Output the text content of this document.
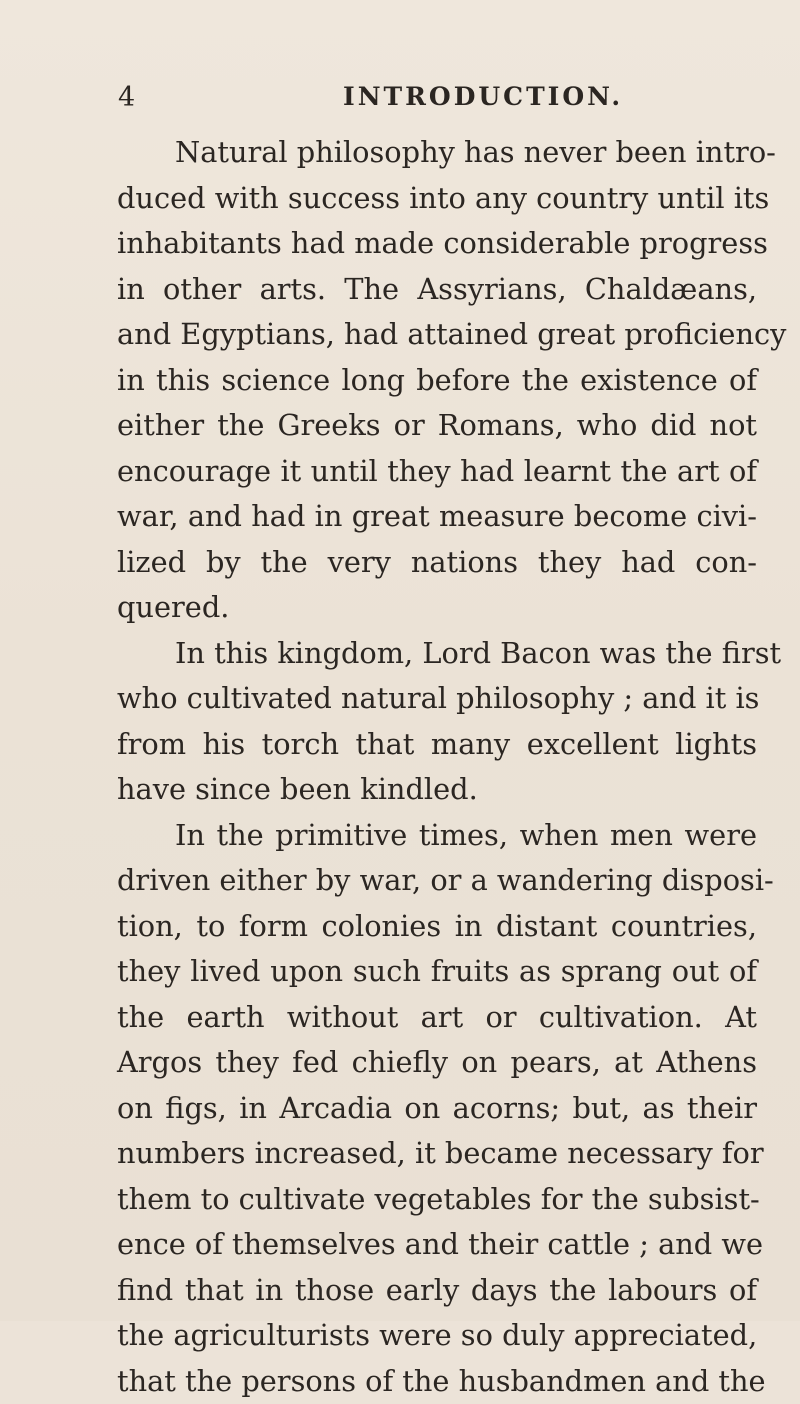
4	INTRODUCTION.
Natural philosophy has never been intro-
duced with success into any country until its
inhabitants had made considerable progress
in other arts. The Assyrians, Chaldæans,
and Egyptians, had attained great proficiency
in this science long before the existence of
either the Greeks or Romans, who did not
encourage it until they had learnt the art of
war, and had in great measure become civi-
lized by the very nations they had con-
quered.
In this kingdom, Lord Bacon was the first
who cultivated natural philosophy ; and it is
from his torch that many excellent lights
have since been kindled.
In the primitive times, when men were
driven either by war, or a wandering disposi-
tion, to form colonies in distant countries,
they lived upon such fruits as sprang out of
the earth without art or cultivation. At
Argos they fed chiefly on pears, at Athens
on figs, in Arcadia on acorns; but, as their
numbers increased, it became necessary for
them to cultivate vegetables for the subsist-
ence of themselves and their cattle ; and we
find that in those early days the labours of
the agriculturists were so duly appreciated,
that the persons of the husbandmen and the
